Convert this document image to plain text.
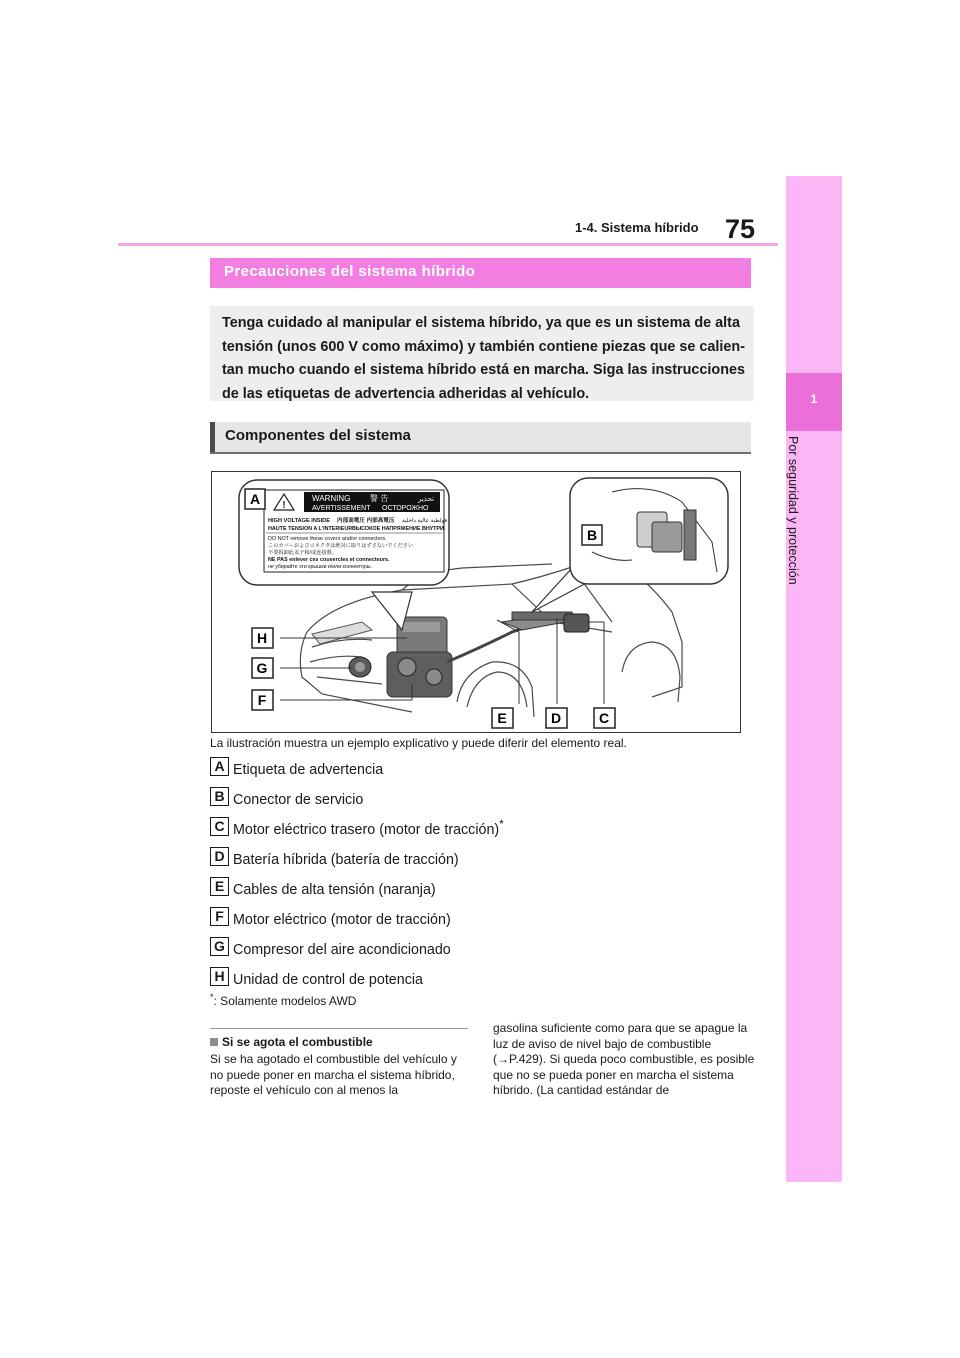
1-4. Sistema híbrido 75
1
Por seguridad y protección
Precauciones del sistema híbrido

Tenga cuidado al manipular el sistema híbrido, ya que es un sistema de alta tensión (unos 600 V como máximo) y también contiene piezas que se calien-tan mucho cuando el sistema híbrido está en marcha. Siga las instrucciones de las etiquetas de advertencia adheridas al vehículo.

Componentes del sistema
!
WARNING 警 告	تحذير
AVERTISSEMENT ОСТОРОЖНО
HIGH VOLTAGE INSIDE 内部高電圧 内部高電压 فولطية عالية داخلية
HAUTE TENSION A L'INTERIEUR ВЫСОКОЕ НАПРЯЖЕНИЕ ВНУТРИ
DO NOT remove these covers and/or connectors.
このカバーおよびコネクタは絶対に取りはずさないでください
不要拆卸此盖子和/或连接器。
NE PAS enlever ces couvercles et connecteurs.
не убирайте эти крышки и/или коннекторы.
A
B
H
G
F
E	D	C
La ilustración muestra un ejemplo explicativo y puede diferir del elemento real.
A Etiqueta de advertencia
B Conector de servicio
C Motor eléctrico trasero (motor de tracción)*
D Batería híbrida (batería de tracción)
E Cables de alta tensión (naranja)
F Motor eléctrico (motor de tracción)
G Compresor del aire acondicionado
H Unidad de control de potencia
*: Solamente modelos AWD
Si se agota el combustible
Si se ha agotado el combustible del vehículo y no puede poner en marcha el sistema híbrido, reposte el vehículo con al menos la
gasolina suficiente como para que se apague la luz de aviso de nivel bajo de combustible (→P.429). Si queda poco combustible, es posible que no se pueda poner en marcha el sistema híbrido. (La cantidad estándar de
